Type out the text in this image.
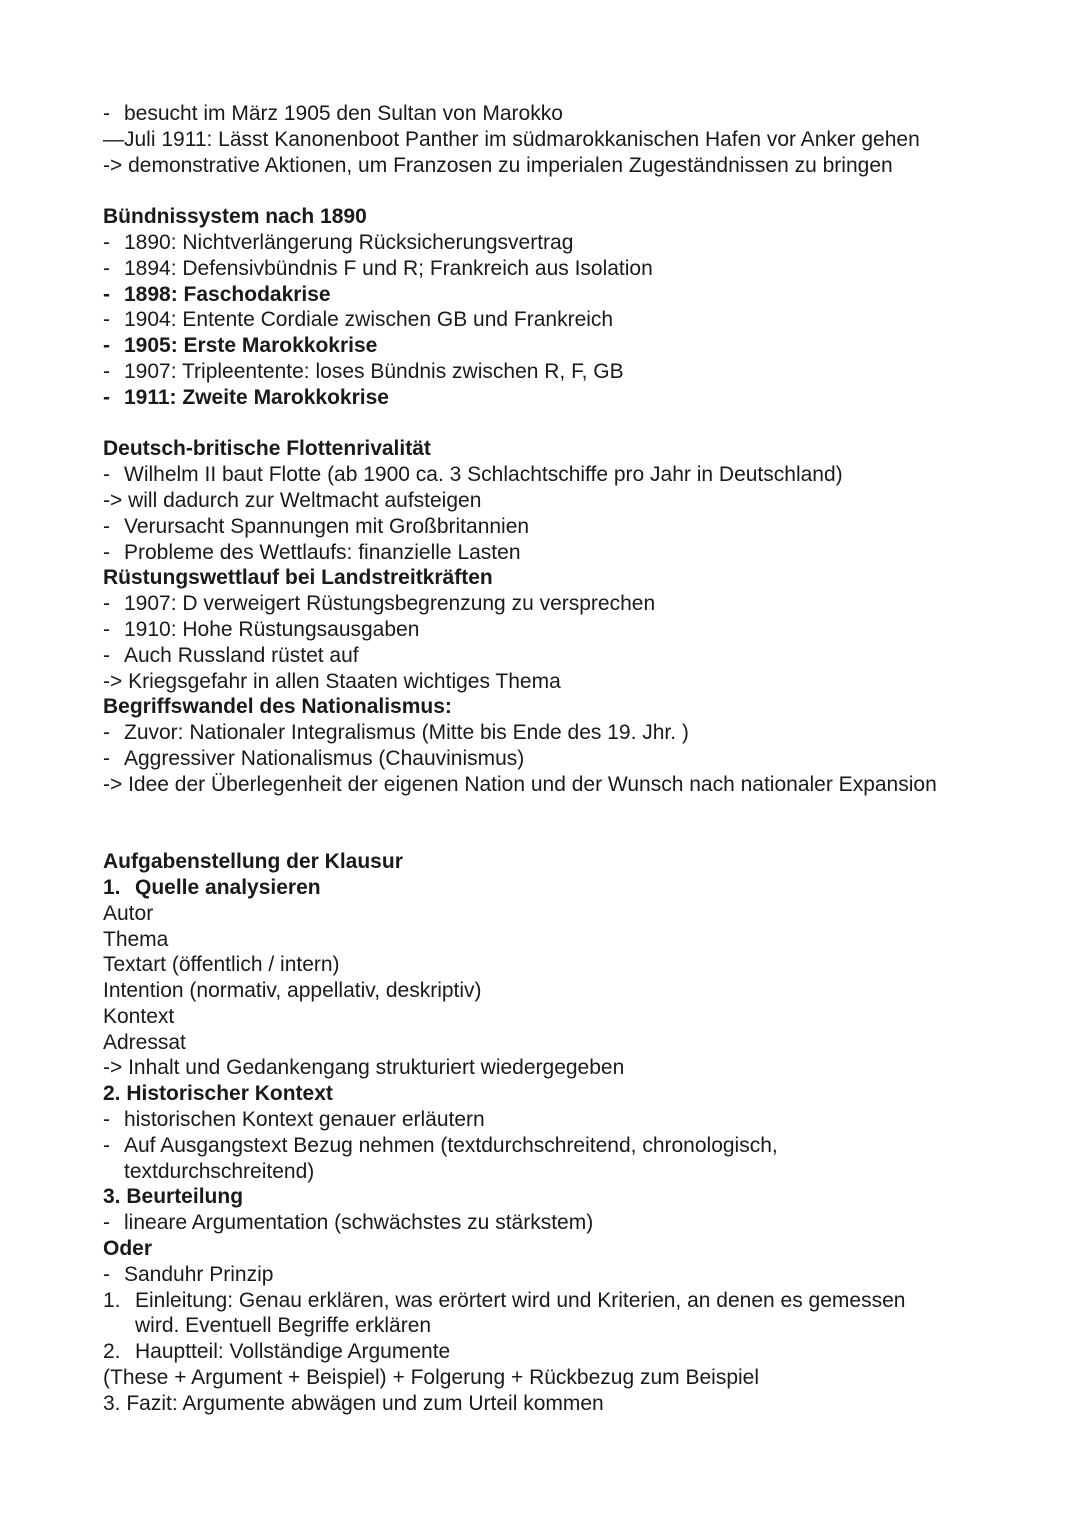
- besucht im März 1905 den Sultan von Marokko
—Juli 1911: Lässt Kanonenboot Panther im südmarokkanischen Hafen vor Anker gehen
-> demonstrative Aktionen, um Franzosen zu imperialen Zugeständnissen zu bringen
Bündnissystem nach 1890
- 1890: Nichtverlängerung Rücksicherungsvertrag
- 1894: Defensivbündnis F und R; Frankreich aus Isolation
- 1898: Faschodakrise
- 1904: Entente Cordiale zwischen GB und Frankreich
- 1905: Erste Marokkokrise
- 1907: Tripleentente: loses Bündnis zwischen R, F, GB
- 1911: Zweite Marokkokrise
Deutsch-britische Flottenrivalität
- Wilhelm II baut Flotte (ab 1900 ca. 3 Schlachtschiffe pro Jahr in Deutschland)
-> will dadurch zur Weltmacht aufsteigen
- Verursacht Spannungen mit Großbritannien
- Probleme des Wettlaufs: finanzielle Lasten
Rüstungswettlauf bei Landstreitkräften
- 1907: D verweigert Rüstungsbegrenzung zu versprechen
- 1910: Hohe Rüstungsausgaben
- Auch Russland rüstet auf
-> Kriegsgefahr in allen Staaten wichtiges Thema
Begriffswandel des Nationalismus:
- Zuvor: Nationaler Integralismus (Mitte bis Ende des 19. Jhr. )
- Aggressiver Nationalismus (Chauvinismus)
-> Idee der Überlegenheit der eigenen Nation und der Wunsch nach nationaler Expansion
Aufgabenstellung der Klausur
1. Quelle analysieren
Autor
Thema
Textart (öffentlich / intern)
Intention (normativ, appellativ, deskriptiv)
Kontext
Adressat
-> Inhalt und Gedankengang strukturiert wiedergegeben
2. Historischer Kontext
- historischen Kontext genauer erläutern
- Auf Ausgangstext Bezug nehmen (textdurchschreitend, chronologisch,
textdurchschreitend)
3. Beurteilung
- lineare Argumentation (schwächstes zu stärkstem)
Oder
- Sanduhr Prinzip
1. Einleitung: Genau erklären, was erörtert wird und Kriterien, an denen es gemessen
wird. Eventuell Begriffe erklären
2. Hauptteil: Vollständige Argumente
(These + Argument + Beispiel) + Folgerung + Rückbezug zum Beispiel
3. Fazit: Argumente abwägen und zum Urteil kommen
